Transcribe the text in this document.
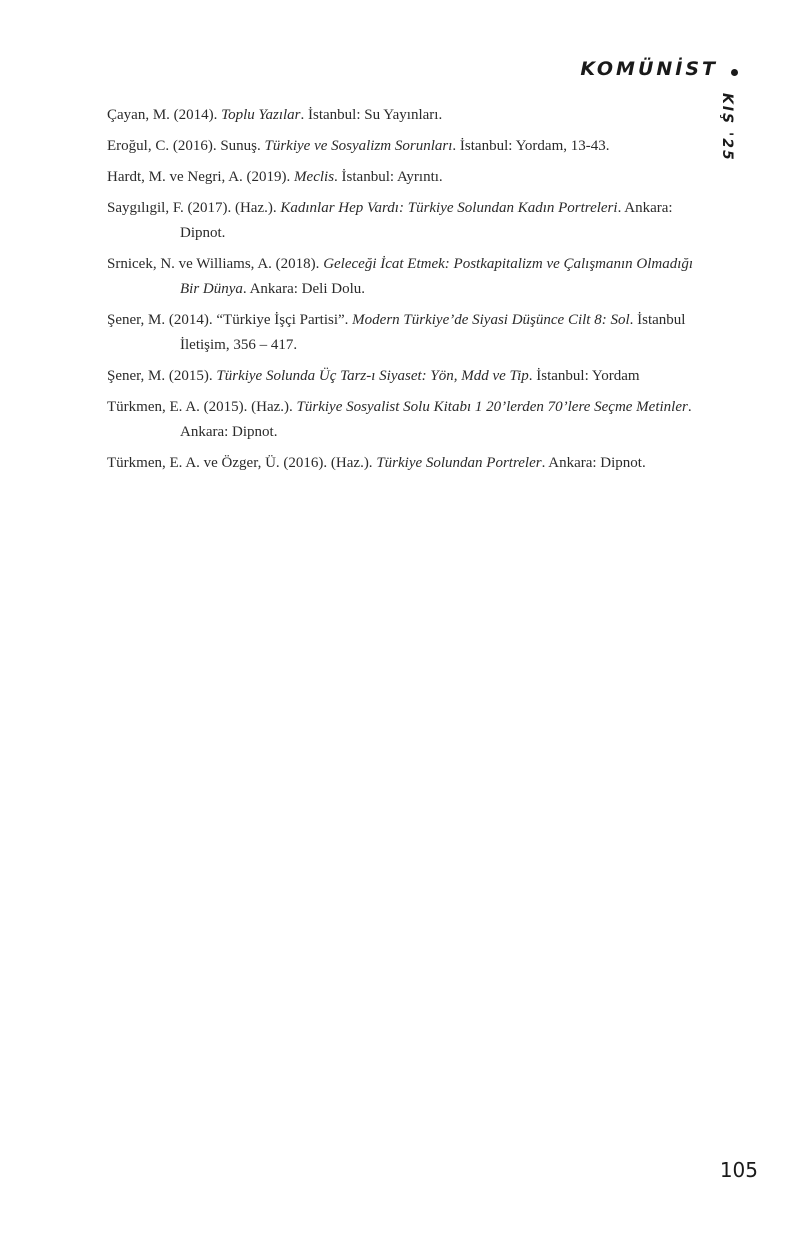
KOMÜNİST
KIŞ '25
Çayan, M. (2014). Toplu Yazılar. İstanbul: Su Yayınları.
Eroğul, C. (2016). Sunuş. Türkiye ve Sosyalizm Sorunları. İstanbul: Yordam, 13-43.
Hardt, M. ve Negri, A. (2019). Meclis. İstanbul: Ayrıntı.
Saygılıgil, F. (2017). (Haz.). Kadınlar Hep Vardı: Türkiye Solundan Kadın Portreleri. Ankara: Dipnot.
Srnicek, N. ve Williams, A. (2018). Geleceği İcat Etmek: Postkapitalizm ve Çalışmanın Olmadığı Bir Dünya. Ankara: Deli Dolu.
Şener, M. (2014). “Türkiye İşçi Partisi”. Modern Türkiye’de Siyasi Düşünce Cilt 8: Sol. İstanbul İletişim, 356 – 417.
Şener, M. (2015). Türkiye Solunda Üç Tarz-ı Siyaset: Yön, Mdd ve Tip. İstanbul: Yordam
Türkmen, E. A. (2015). (Haz.). Türkiye Sosyalist Solu Kitabı 1 20’lerden 70’lere Seçme Metinler. Ankara: Dipnot.
Türkmen, E. A. ve Özger, Ü. (2016). (Haz.). Türkiye Solundan Portreler. Ankara: Dipnot.
105
